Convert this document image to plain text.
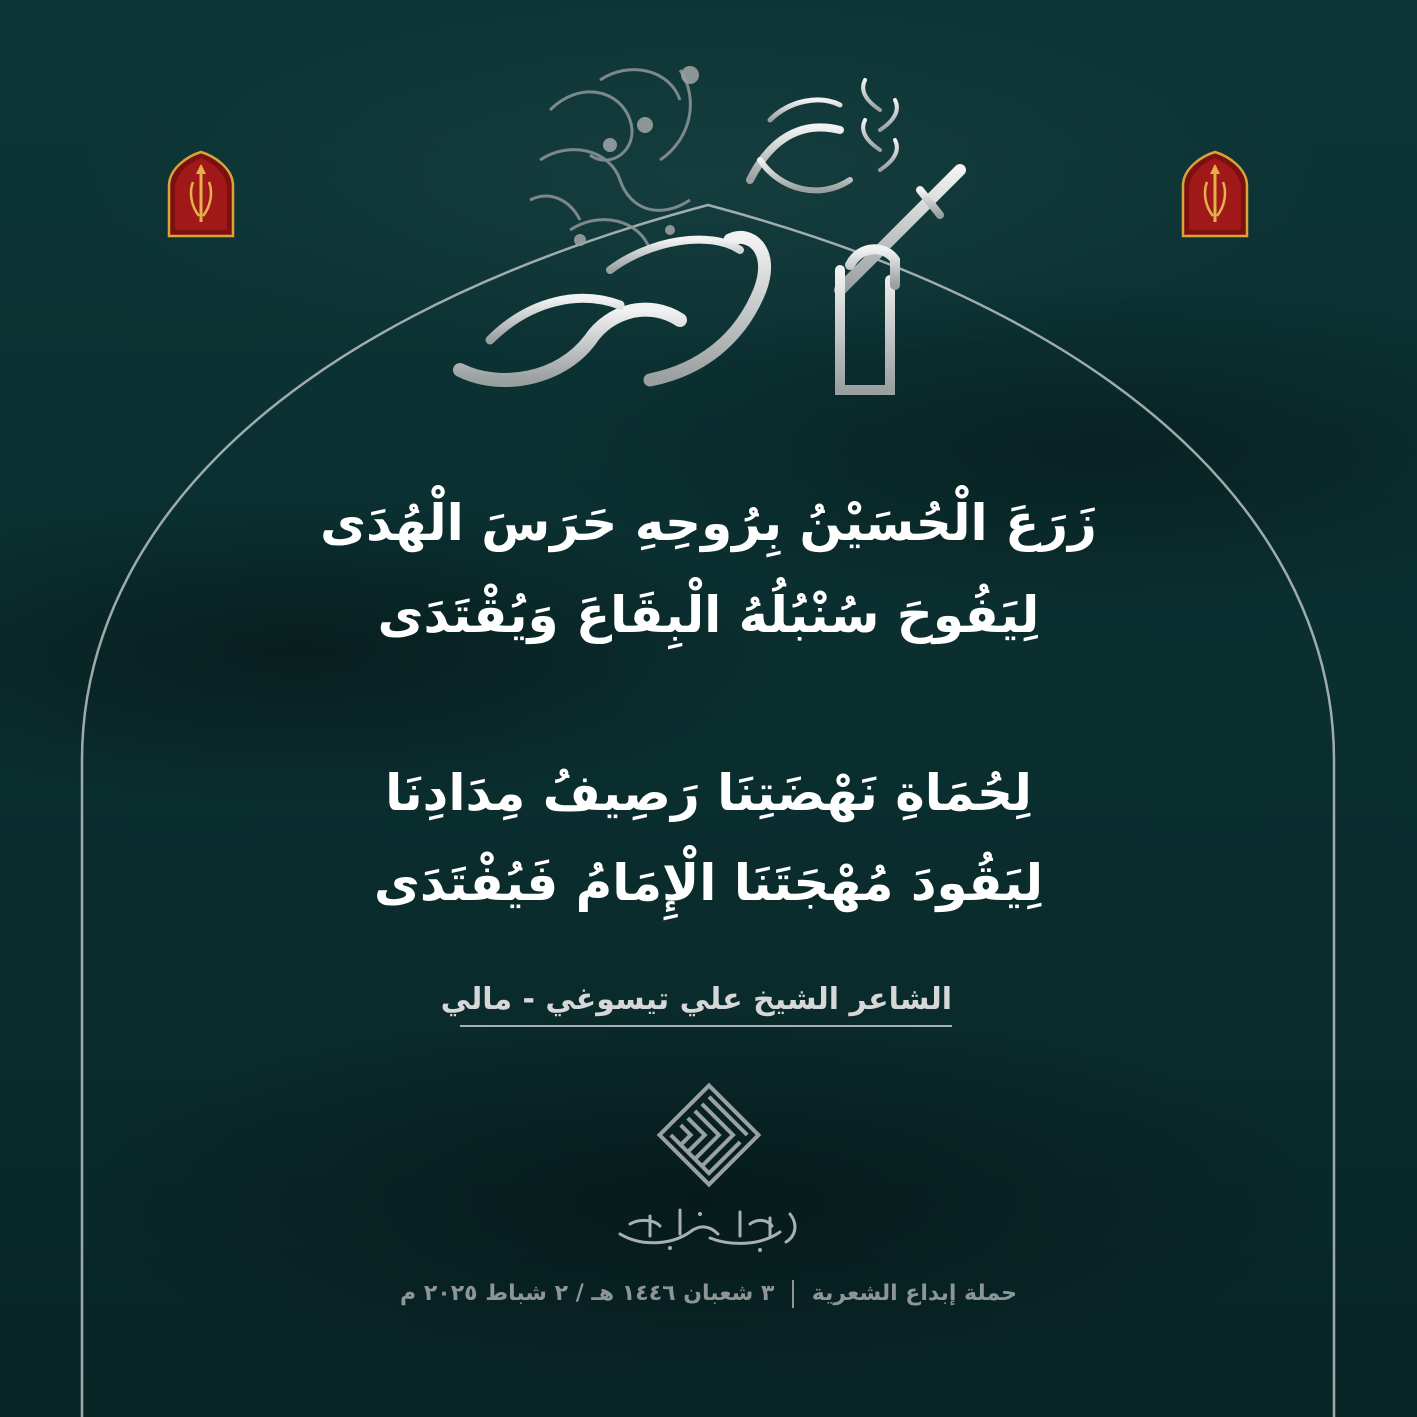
زَرَعَ الْحُسَيْنُ بِرُوحِهِ حَرَسَ الْهُدَى
لِيَفُوحَ سُنْبُلُهُ الْبِقَاعَ وَيُقْتَدَى
لِحُمَاةِ نَهْضَتِنَا رَصِيفُ مِدَادِنَا
لِيَقُودَ مُهْجَتَنَا الْإِمَامُ فَيُفْتَدَى
الشاعر الشيخ علي تيسوغي - مالي
حملة إبداع الشعرية  ٣ شعبان ١٤٤٦ هـ / ٢ شباط ٢٠٢٥ م
